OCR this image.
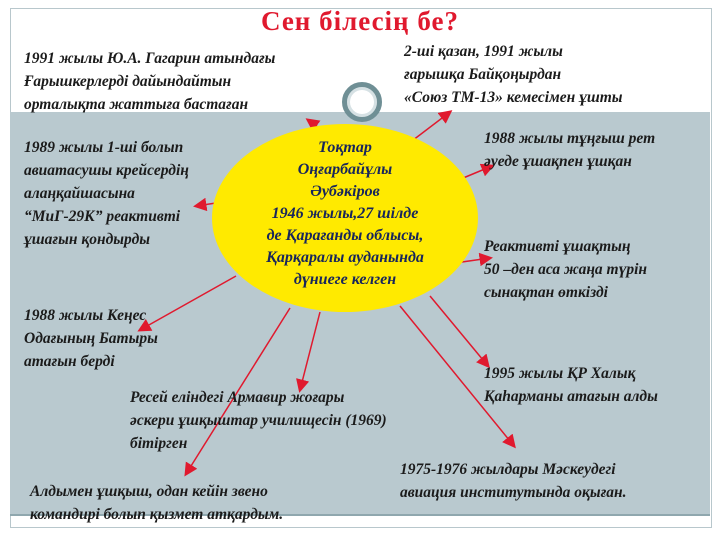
Сен білесің бе?
Тоқтар
Оңғарбайұлы
Әубәкіров
1946 жылы,27 шілде
де Қарағанды облысы,
Қарқаралы ауданында
дүниеге келген
1991 жылы Ю.А. Гагарин атындағы
Ғарышкерлерді дайындайтын
орталықта жаттыға бастаған
2-ші қазан, 1991 жылы
ғарышқа Байқоңырдан
«Союз ТМ-13» кемесімен ұшты
1989 жылы 1-ші болып
авиатасушы крейсердің
алаңқайшасына
“МиГ-29К” реактивті
ұшағын қондырды
1988 жылы тұңғыш рет
әуеде ұшақпен ұшқан
Реактивті ұшақтың
50 –ден аса жаңа түрін
сынақтан өткізді
1988 жылы Кеңес
Одағының Батыры
атағын берді
1995 жылы ҚР Халық
Қаһарманы атағын алды
Ресей еліндегі Армавир жоғары
әскери ұшқыштар училищесін (1969)
бітірген
1975-1976 жылдары Мәскеудегі
авиация институтында оқыған.
Алдымен ұшқыш, одан кейін звено
командирі болып қызмет атқардым.
